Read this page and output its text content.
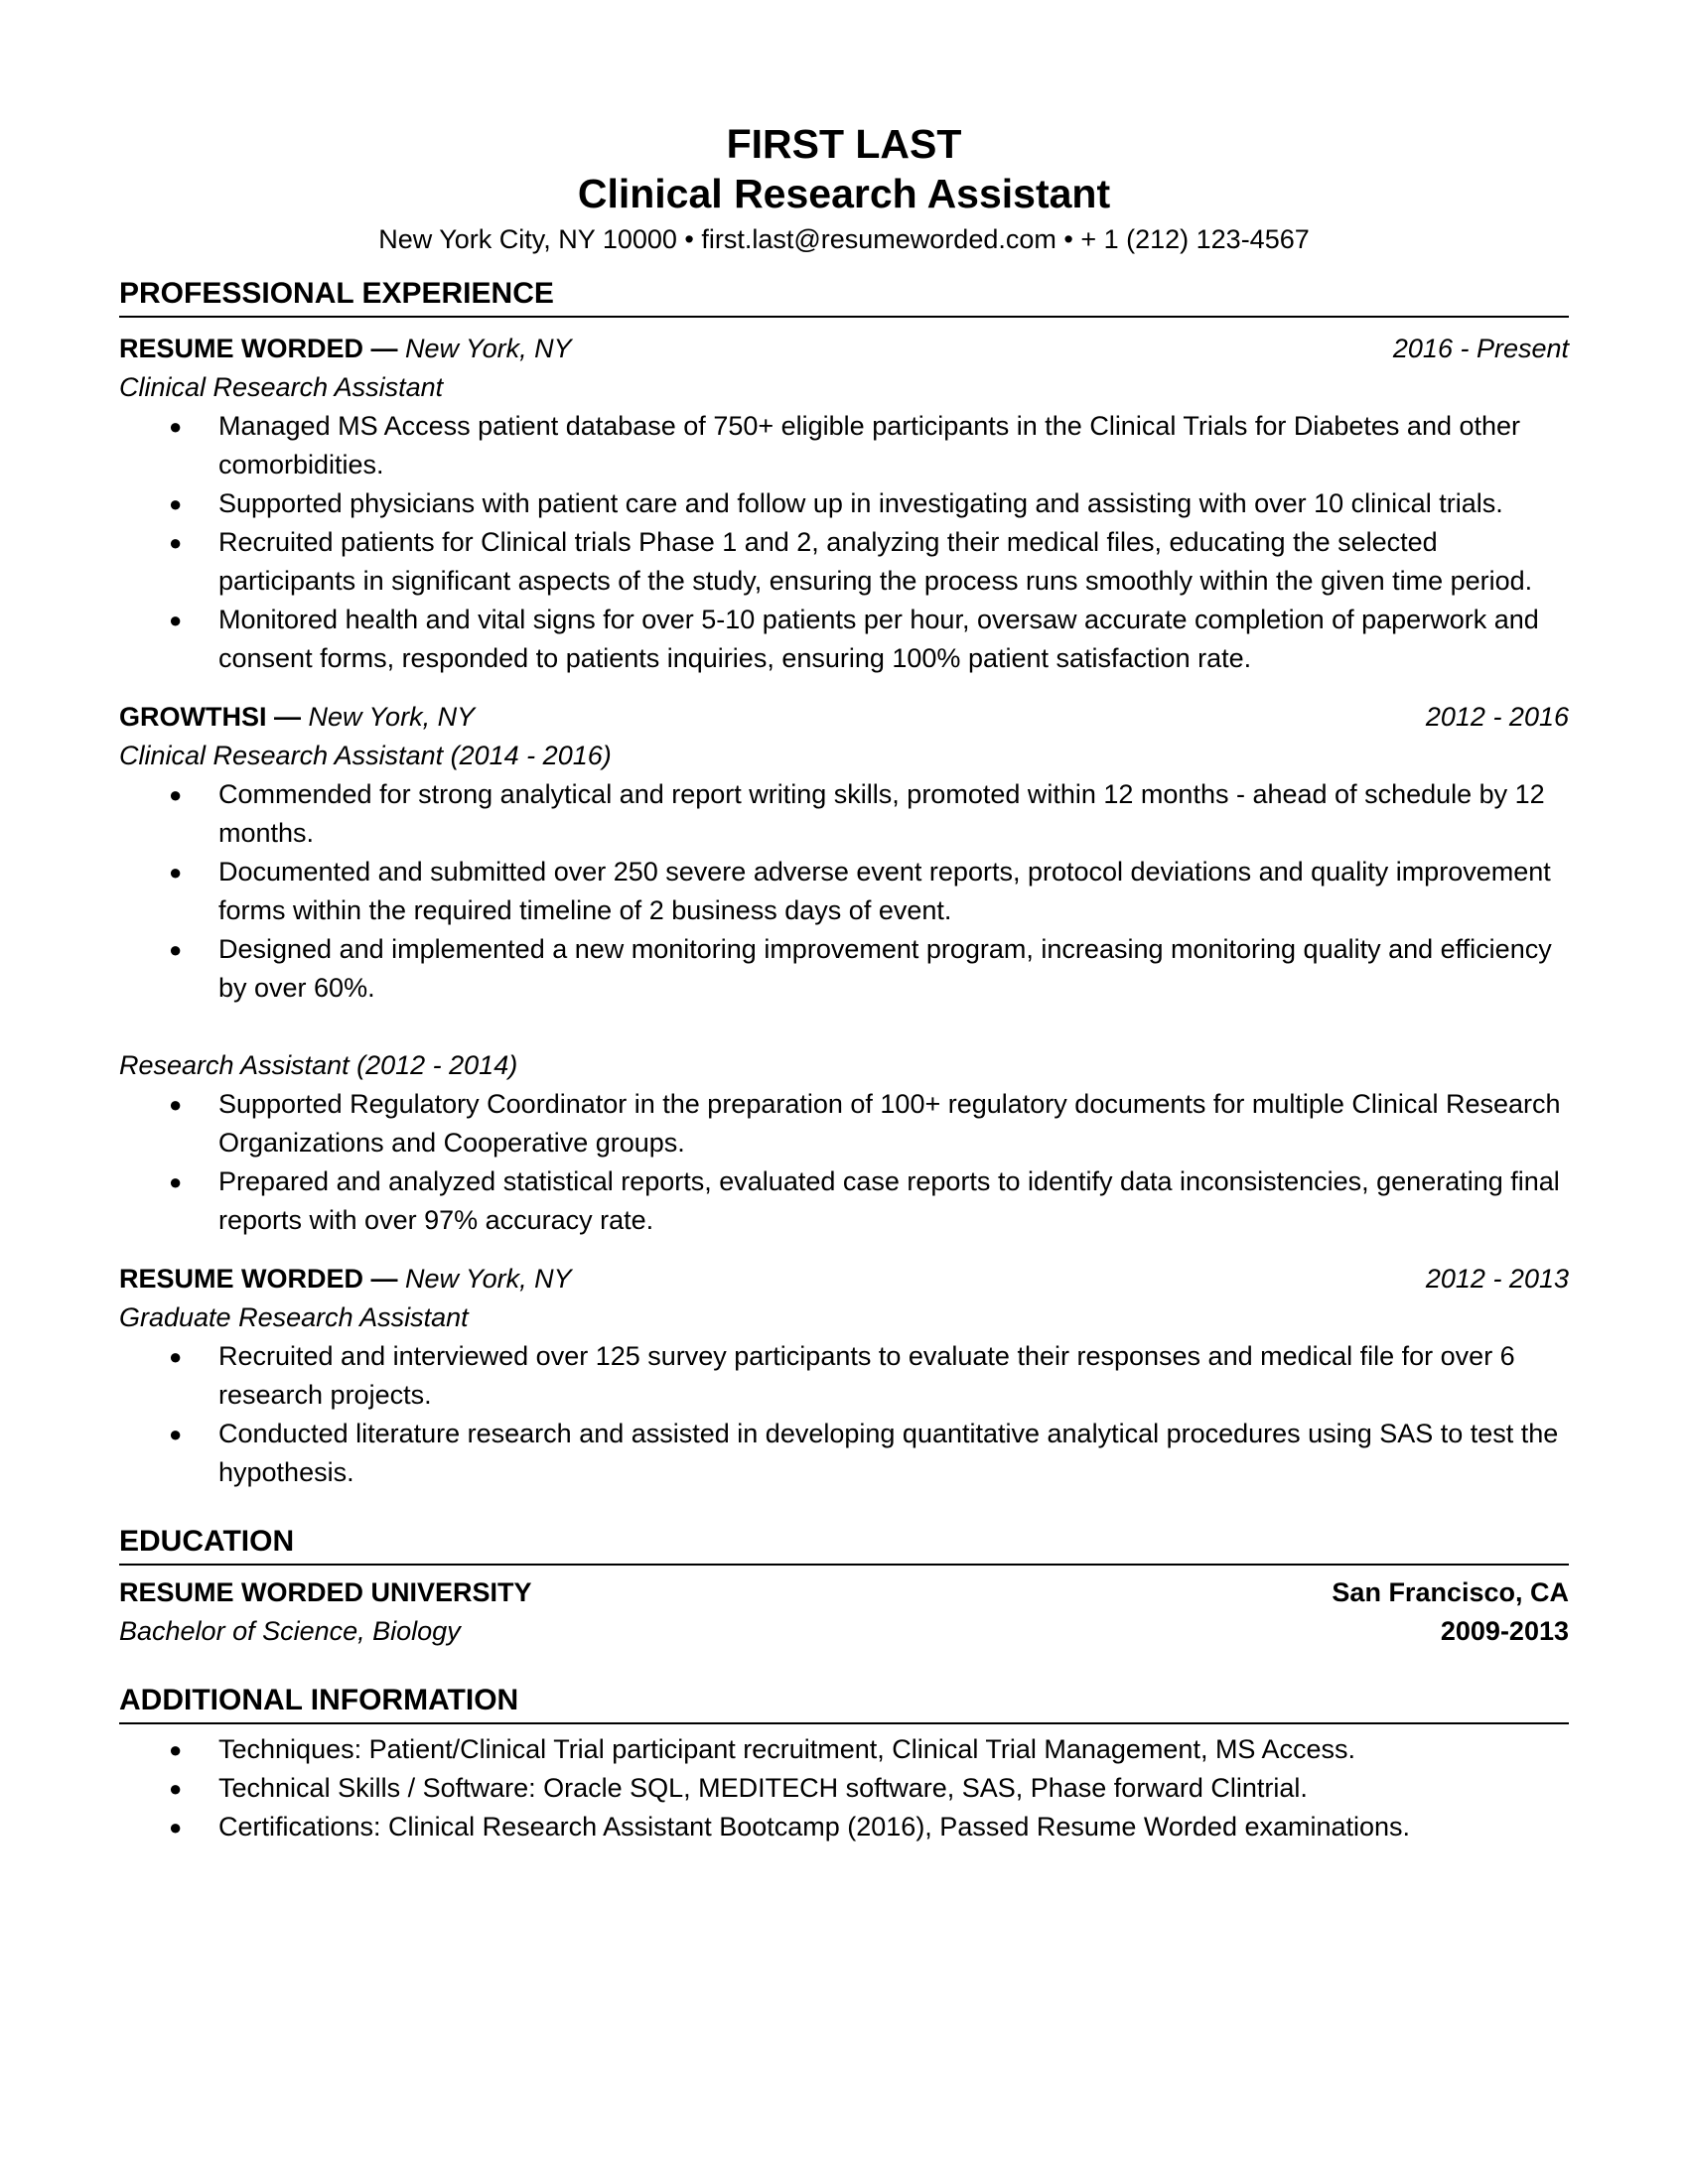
FIRST LAST
Clinical Research Assistant
New York City, NY 10000 • first.last@resumeworded.com • + 1 (212) 123-4567
PROFESSIONAL EXPERIENCE
RESUME WORDED — New York, NY	2016 - Present
Clinical Research Assistant
● Managed MS Access patient database of 750+ eligible participants in the Clinical Trials for Diabetes and other comorbidities.
● Supported physicians with patient care and follow up in investigating and assisting with over 10 clinical trials.
● Recruited patients for Clinical trials Phase 1 and 2, analyzing their medical files, educating the selected participants in significant aspects of the study, ensuring the process runs smoothly within the given time period.
● Monitored health and vital signs for over 5-10 patients per hour, oversaw accurate completion of paperwork and consent forms, responded to patients inquiries, ensuring 100% patient satisfaction rate.
GROWTHSI — New York, NY	2012 - 2016
Clinical Research Assistant (2014 - 2016)
● Commended for strong analytical and report writing skills, promoted within 12 months - ahead of schedule by 12 months.
● Documented and submitted over 250 severe adverse event reports, protocol deviations and quality improvement forms within the required timeline of 2 business days of event.
● Designed and implemented a new monitoring improvement program, increasing monitoring quality and efficiency by over 60%.
Research Assistant (2012 - 2014)
● Supported Regulatory Coordinator in the preparation of 100+ regulatory documents for multiple Clinical Research Organizations and Cooperative groups.
● Prepared and analyzed statistical reports, evaluated case reports to identify data inconsistencies, generating final reports with over 97% accuracy rate.
RESUME WORDED — New York, NY	2012 - 2013
Graduate Research Assistant
● Recruited and interviewed over 125 survey participants to evaluate their responses and medical file for over 6 research projects.
● Conducted literature research and assisted in developing quantitative analytical procedures using SAS to test the hypothesis.
EDUCATION
RESUME WORDED UNIVERSITY	San Francisco, CA
Bachelor of Science, Biology	2009-2013
ADDITIONAL INFORMATION
● Techniques: Patient/Clinical Trial participant recruitment, Clinical Trial Management, MS Access.
● Technical Skills / Software: Oracle SQL, MEDITECH software, SAS, Phase forward Clintrial.
● Certifications: Clinical Research Assistant Bootcamp (2016), Passed Resume Worded examinations.
